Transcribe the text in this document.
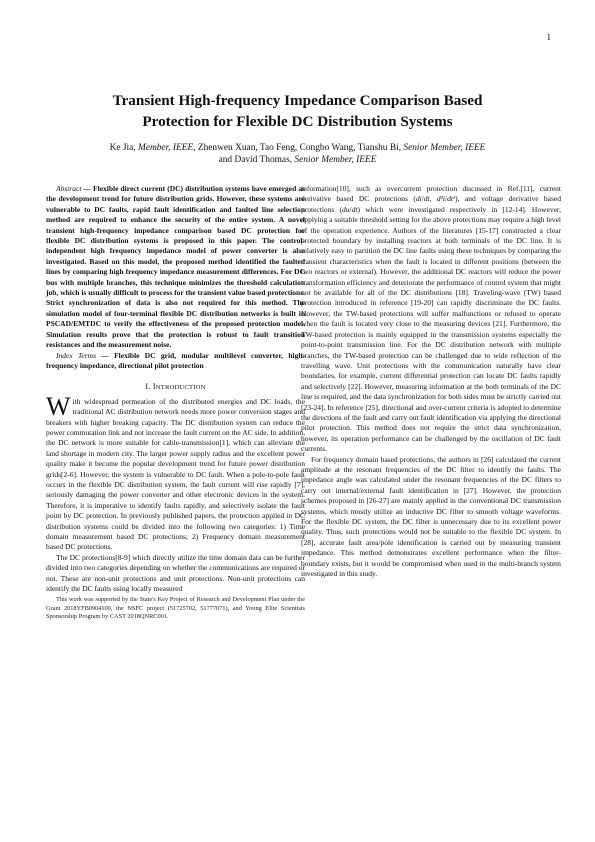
1
Transient High-frequency Impedance Comparison Based
Protection for Flexible DC Distribution Systems
Ke Jia, Member, IEEE, Zhenwen Xuan, Tao Feng, Congbo Wang, Tianshu Bi, Senior Member, IEEE
and David Thomas, Senior Member, IEEE

Abstract — Flexible direct current (DC) distribution systems have emerged as the development trend for future distribution grids. However, these systems are vulnerable to DC faults, rapid fault identification and faulted line selection method are required to enhance the security of the entire system. A novel transient high-frequency impedance comparison based DC protection for flexible DC distribution systems is proposed in this paper. The control-independent high frequency impedance model of power converter is also investigated. Based on this model, the proposed method identified the faulted lines by comparing high frequency impedance measurement differences. For DC bus with multiple branches, this technique minimizes the threshold calculation job, which is usually difficult to process for the transient value based protections. Strict synchronization of data is also not required for this method. The simulation model of four-terminal flexible DC distribution networks is built in PSCAD/EMTDC to verify the effectiveness of the proposed protection model. Simulation results prove that the protection is robust to fault transition resistances and the measurement noise.

Index Terms — Flexible DC grid, modular multilevel converter, high-frequency impedance, directional pilot protection

I. INTRODUCTION

With widespread permeation of the distributed energies and DC loads, the traditional AC distribution network needs more power conversion stages and breakers with higher breaking capacity. The DC distribution system can reduce the power commutation link and not increase the fault current on the AC side. In addition, the DC network is more suitable for cable-transmission[1], which can alleviate the land shortage in modern city. The larger power supply radius and the excellent power quality make it become the popular development trend for future power distribution grids[2-6]. However, the system is vulnerable to DC fault. When a pole-to-pole fault occurs in the flexible DC distribution system, the fault current will rise rapidly [7], seriously damaging the power converter and other electronic devices in the system. Therefore, it is imperative to identify faults rapidly, and selectively isolate the fault point by DC protection. In previously published papers, the protection applied in DC distribution systems could be divided into the following two categories: 1) Time domain measurement based DC protections; 2) Frequency domain measurement based DC protections.

The DC protections[8-9] which directly utilize the time domain data can be further divided into two categories depending on whether the communications are required or not. These are non-unit protections and unit protections. Non-unit protections can identify the DC faults using locally measured

This work was supported by the State's Key Project of Research and Development Plan under the Grant 2018YFB0904100, the NSFC project (51725702, 51777071), and Young Elite Scientists Sponsorship Program by CAST 2018QNRC001.

information[10], such as overcurrent protection discussed in Ref.[11], current derivative based DC protections (di/dt, d²i/dt²), and voltage derivative based protections (du/dt) which were investigated respectively in [12-14]. However, applying a suitable threshold setting for the above protections may require a high level of the operation experience. Authors of the literatures [15-17] constructed a clear protected boundary by installing reactors at both terminals of the DC line. It is relatively easy to partition the DC line faults using these techniques by comparing the transient characteristics when the fault is located in different positions (between the two reactors or external). However, the additional DC reactors will reduce the power transformation efficiency and deteriorate the performance of control system that might not be available for all of the DC distributions [18]. Traveling-wave (TW) based protection introduced in reference [19-20] can rapidly discriminate the DC faults. However, the TW-based protections will suffer malfunctions or refused to operate when the fault is located very close to the measuring devices [21]. Furthermore, the TW-based protection is mainly equipped in the transmission systems especially the point-to-point transmission line. For the DC distribution network with multiple branches, the TW-based protection can be challenged due to wide reflection of the travelling wave. Unit protections with the communication naturally have clear boundaries, for example, current differential protection can locate DC faults rapidly and selectively [22]. However, measuring information at the both terminals of the DC line is required, and the data synchronization for both sides must be strictly carried out [23-24]. In reference [25], directional and over-current criteria is adopted to determine the directions of the fault and carry out fault identification via applying the directional pilot protection. This method does not require the strict data synchronization, however, its operation performance can be challenged by the oscillation of DC fault currents.

For frequency domain based protections, the authors in [26] calculated the current amplitude at the resonant frequencies of the DC filter to identify the faults. The impedance angle was calculated under the resonant frequencies of the DC filters to carry out internal/external fault identification in [27]. However, the protection schemes proposed in [26-27] are mainly applied in the conventional DC transmission systems, which mostly utilize an inductive DC filter to smooth voltage waveforms. For the flexible DC system, the DC filter is unnecessary due to its excellent power quality. Thus, such protections would not be suitable to the flexible DC system. In [28], accurate fault area/pole identification is carried out by measuring transient impedance. This method demonstrates excellent performance when the filter-boundary exists, but it would be compromised when used in the multi-branch system investigated in this study.
